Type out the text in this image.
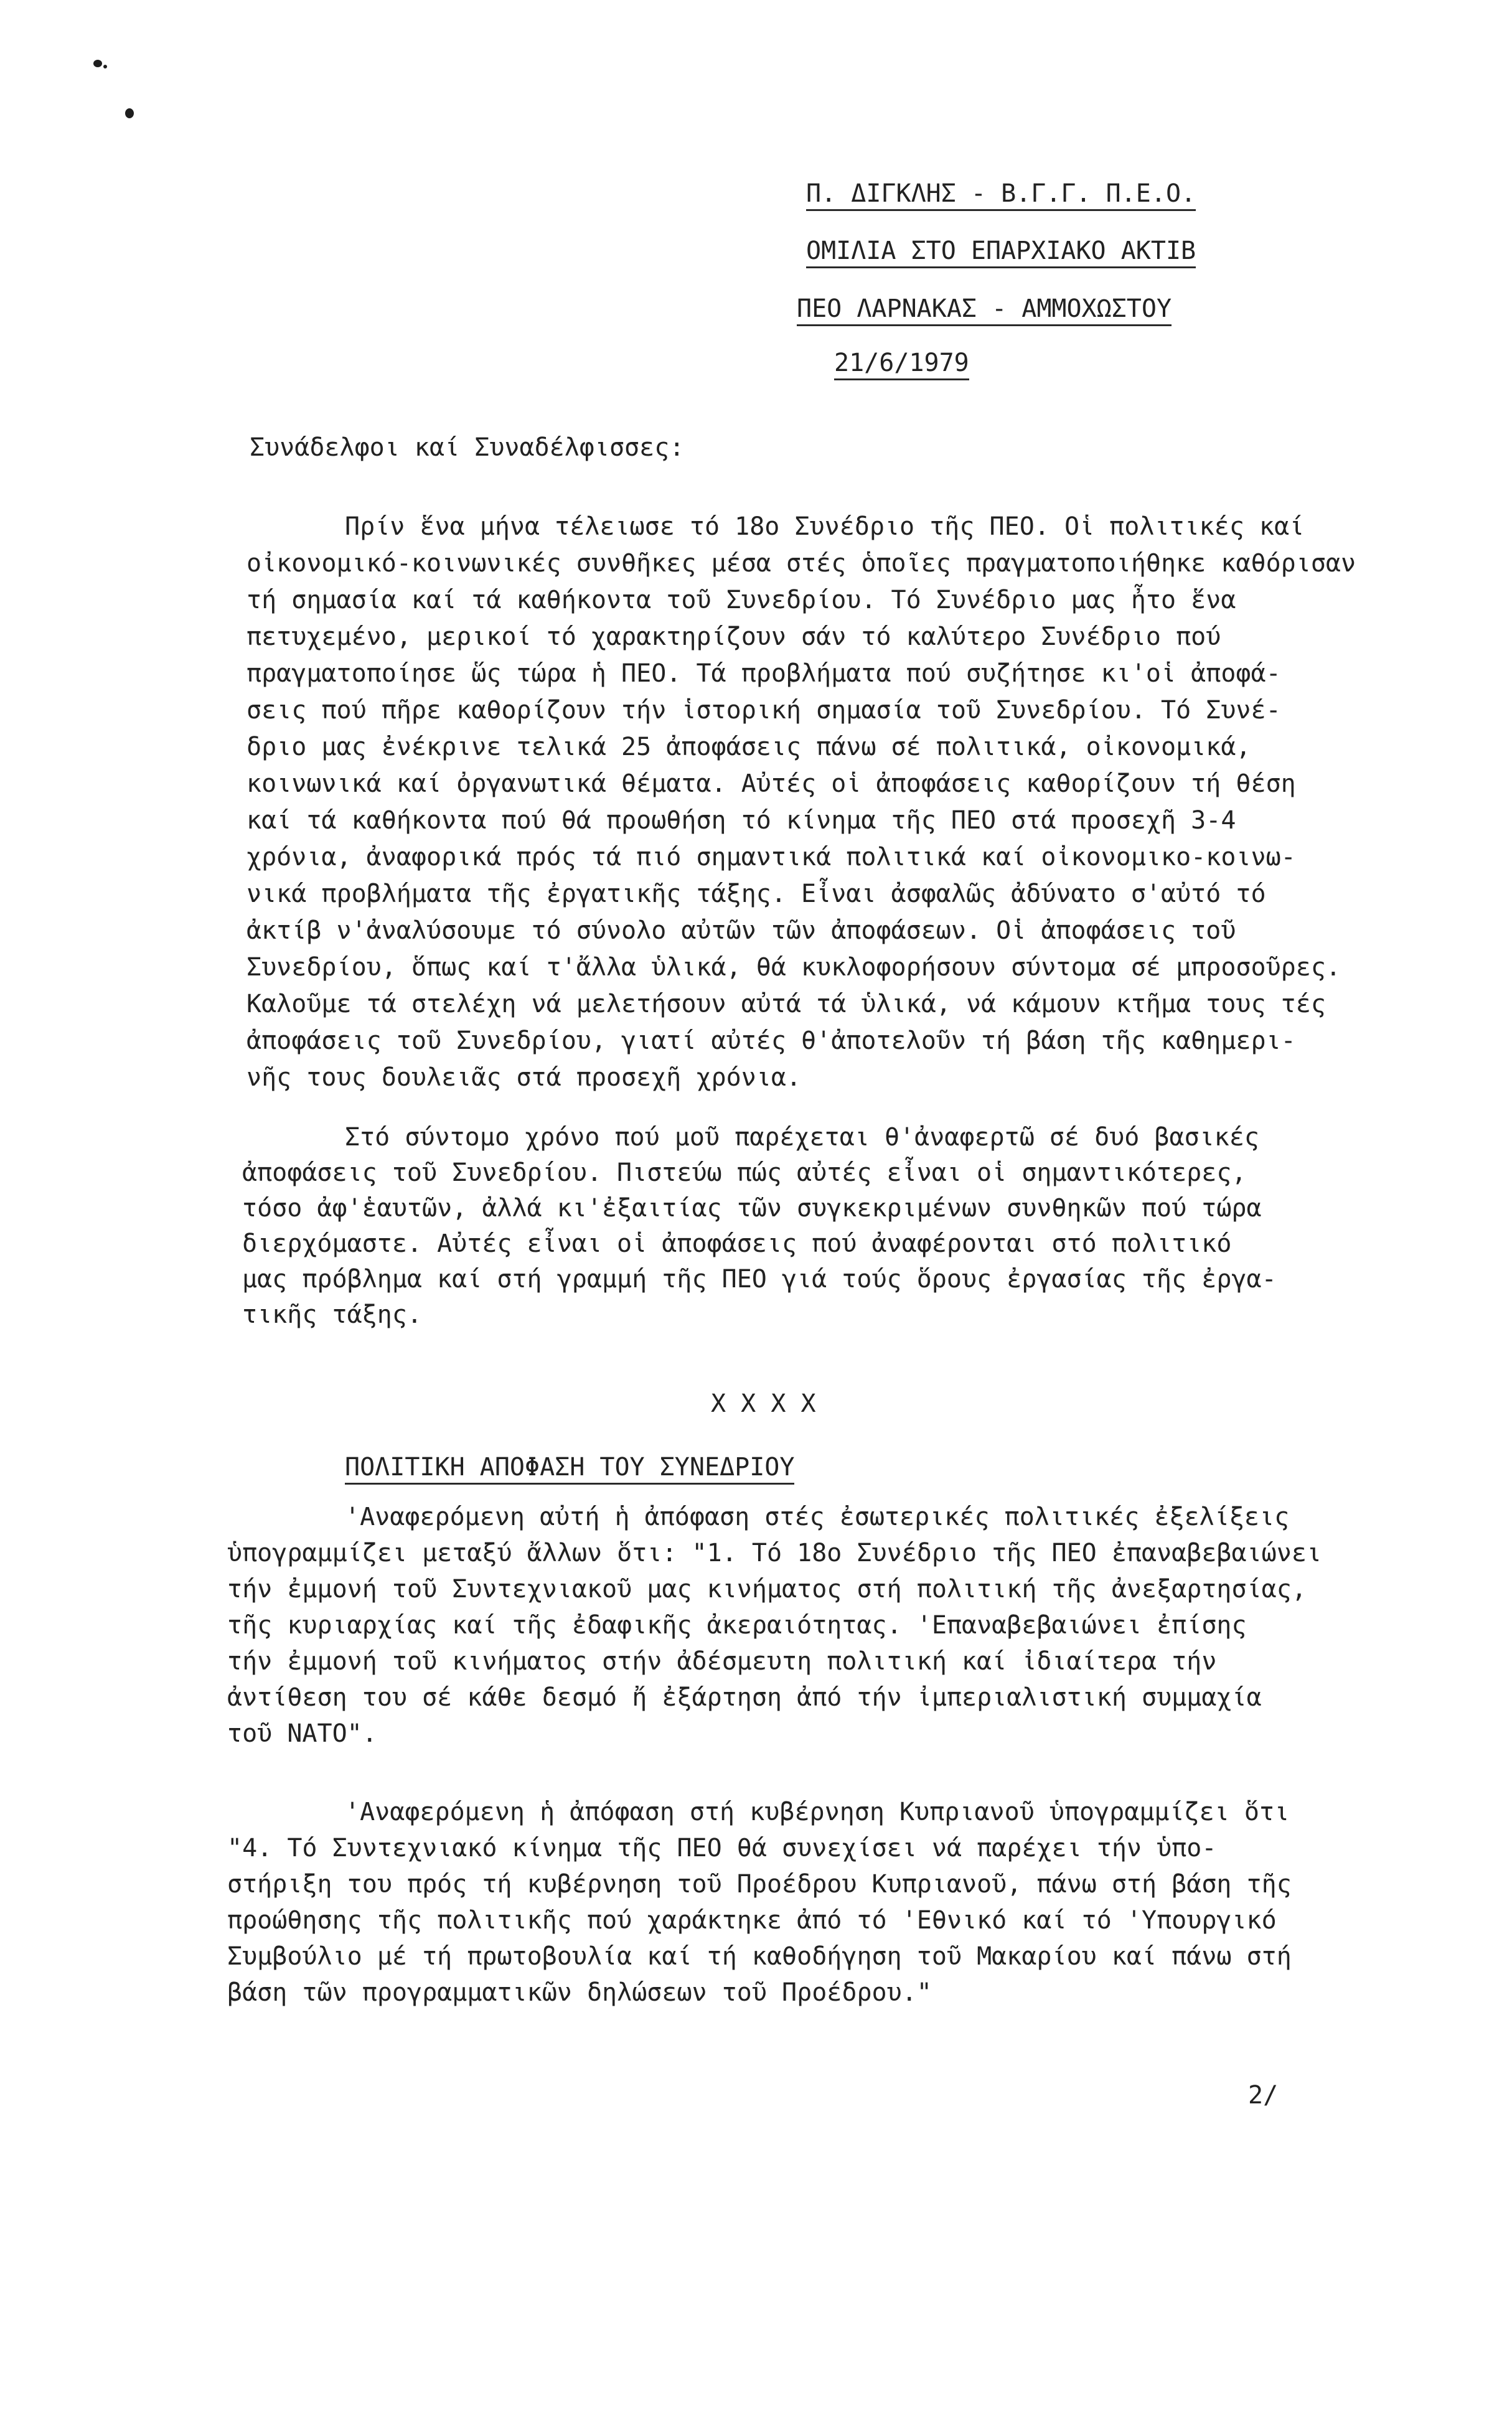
Π. ΔΙΓΚΛΗΣ - Β.Γ.Γ. Π.Ε.Ο.
ΟΜΙΛΙΑ ΣΤΟ ΕΠΑΡΧΙΑΚΟ ΑΚΤΙΒ
ΠΕΟ ΛΑΡΝΑΚΑΣ - ΑΜΜΟΧΩΣΤΟΥ
21/6/1979
Συνάδελφοι καί Συναδέλφισσες:
Πρίν ἕνα μήνα τέλειωσε τό 18ο Συνέδριο τῆς ΠΕΟ. Οἱ πολιτικές καί
οἰκονομικό-κοινωνικές συνθῆκες μέσα στές ὁποῖες πραγματοποιήθηκε καθόρισαν
τή σημασία καί τά καθήκοντα τοῦ Συνεδρίου. Τό Συνέδριο μας ἦτο ἕνα
πετυχεμένο, μερικοί τό χαρακτηρίζουν σάν τό καλύτερο Συνέδριο πού
πραγματοποίησε ὥς τώρα ἡ ΠΕΟ. Τά προβλήματα πού συζήτησε κι'οἱ ἀποφά-
σεις πού πῆρε καθορίζουν τήν ἱστορική σημασία τοῦ Συνεδρίου. Τό Συνέ-
δριο μας ἐνέκρινε τελικά 25 ἀποφάσεις πάνω σέ πολιτικά, οἰκονομικά,
κοινωνικά καί ὀργανωτικά θέματα. Αὐτές οἱ ἀποφάσεις καθορίζουν τή θέση
καί τά καθήκοντα πού θά προωθήση τό κίνημα τῆς ΠΕΟ στά προσεχῆ 3-4
χρόνια, ἀναφορικά πρός τά πιό σημαντικά πολιτικά καί οἰκονομικο-κοινω-
νικά προβλήματα τῆς ἐργατικῆς τάξης. Εἶναι ἀσφαλῶς ἀδύνατο σ'αὐτό τό
ἀκτίβ ν'ἀναλύσουμε τό σύνολο αὐτῶν τῶν ἀποφάσεων. Οἱ ἀποφάσεις τοῦ
Συνεδρίου, ὅπως καί τ'ἄλλα ὑλικά, θά κυκλοφορήσουν σύντομα σέ μπροσοῦρες.
Καλοῦμε τά στελέχη νά μελετήσουν αὐτά τά ὑλικά, νά κάμουν κτῆμα τους τές
ἀποφάσεις τοῦ Συνεδρίου, γιατί αὐτές θ'ἀποτελοῦν τή βάση τῆς καθημερι-
νῆς τους δουλειᾶς στά προσεχῆ χρόνια.
Στό σύντομο χρόνο πού μοῦ παρέχεται θ'ἀναφερτῶ σέ δυό βασικές
ἀποφάσεις τοῦ Συνεδρίου. Πιστεύω πώς αὐτές εἶναι οἱ σημαντικότερες,
τόσο ἀφ'ἑαυτῶν, ἀλλά κι'ἐξαιτίας τῶν συγκεκριμένων συνθηκῶν πού τώρα
διερχόμαστε. Αὐτές εἶναι οἱ ἀποφάσεις πού ἀναφέρονται στό πολιτικό
μας πρόβλημα καί στή γραμμή τῆς ΠΕΟ γιά τούς ὅρους ἐργασίας τῆς ἐργα-
τικῆς τάξης.
X X X X
ΠΟΛΙΤΙΚΗ ΑΠΟΦΑΣΗ ΤΟΥ ΣΥΝΕΔΡΙΟΥ
'Αναφερόμενη αὐτή ἡ ἀπόφαση στές ἐσωτερικές πολιτικές ἐξελίξεις
ὑπογραμμίζει μεταξύ ἄλλων ὅτι: "1. Τό 18ο Συνέδριο τῆς ΠΕΟ ἐπαναβεβαιώνει
τήν ἐμμονή τοῦ Συντεχνιακοῦ μας κινήματος στή πολιτική τῆς ἀνεξαρτησίας,
τῆς κυριαρχίας καί τῆς ἐδαφικῆς ἀκεραιότητας. 'Επαναβεβαιώνει ἐπίσης
τήν ἐμμονή τοῦ κινήματος στήν ἀδέσμευτη πολιτική καί ἰδιαίτερα τήν
ἀντίθεση του σέ κάθε δεσμό ἤ ἐξάρτηση ἀπό τήν ἰμπεριαλιστική συμμαχία
τοῦ ΝΑΤΟ".
'Αναφερόμενη ἡ ἀπόφαση στή κυβέρνηση Κυπριανοῦ ὑπογραμμίζει ὅτι
"4. Τό Συντεχνιακό κίνημα τῆς ΠΕΟ θά συνεχίσει νά παρέχει τήν ὑπο-
στήριξη του πρός τή κυβέρνηση τοῦ Προέδρου Κυπριανοῦ, πάνω στή βάση τῆς
προώθησης τῆς πολιτικῆς πού χαράκτηκε ἀπό τό 'Εθνικό καί τό 'Υπουργικό
Συμβούλιο μέ τή πρωτοβουλία καί τή καθοδήγηση τοῦ Μακαρίου καί πάνω στή
βάση τῶν προγραμματικῶν δηλώσεων τοῦ Προέδρου."
2/
